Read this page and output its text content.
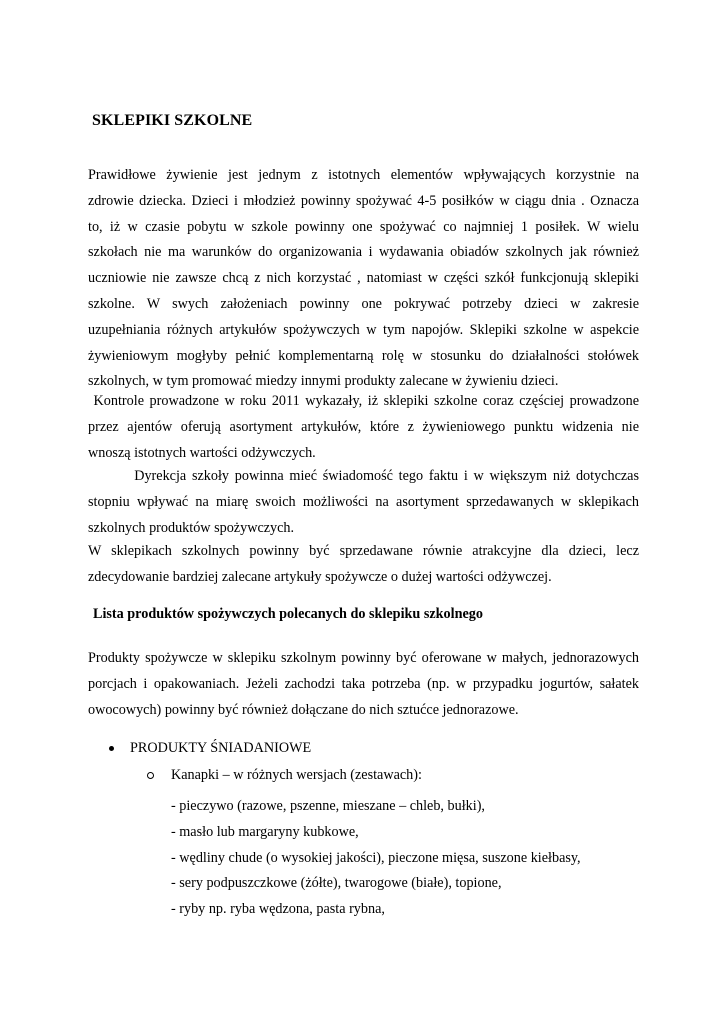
SKLEPIKI SZKOLNE
Prawidłowe żywienie jest jednym z istotnych elementów wpływających korzystnie na
zdrowie dziecka. Dzieci i młodzież powinny spożywać 4-5 posiłków w ciągu dnia . Oznacza
to, iż w czasie pobytu w szkole powinny one spożywać co najmniej 1 posiłek. W wielu
szkołach nie ma warunków do organizowania i wydawania obiadów szkolnych jak również
uczniowie nie zawsze chcą z nich korzystać , natomiast w części szkół funkcjonują sklepiki
szkolne. W swych założeniach powinny one pokrywać potrzeby dzieci w zakresie
uzupełniania różnych artykułów spożywczych w tym napojów. Sklepiki szkolne w aspekcie
żywieniowym mogłyby pełnić komplementarną rolę w stosunku do działalności stołówek
szkolnych, w tym promować miedzy innymi produkty zalecane w żywieniu dzieci.
Kontrole prowadzone w roku 2011 wykazały, iż sklepiki szkolne coraz częściej prowadzone
przez ajentów oferują asortyment artykułów, które z żywieniowego punktu widzenia nie
wnoszą istotnych wartości odżywczych.
Dyrekcja szkoły powinna mieć świadomość tego faktu i w większym niż dotychczas
stopniu wpływać na miarę swoich możliwości na asortyment sprzedawanych w sklepikach
szkolnych produktów spożywczych.
W sklepikach szkolnych powinny być sprzedawane równie atrakcyjne dla dzieci, lecz
zdecydowanie bardziej zalecane artykuły spożywcze o dużej wartości odżywczej.
Lista produktów spożywczych polecanych do sklepiku szkolnego
Produkty spożywcze w sklepiku szkolnym powinny być oferowane w małych, jednorazowych
porcjach i opakowaniach. Jeżeli zachodzi taka potrzeba (np. w przypadku jogurtów, sałatek
owocowych) powinny być również dołączane do nich sztućce jednorazowe.
PRODUKTY ŚNIADANIOWE
Kanapki – w różnych wersjach (zestawach):
- pieczywo (razowe, pszenne, mieszane – chleb, bułki),
- masło lub margaryny kubkowe,
- wędliny chude (o wysokiej jakości), pieczone mięsa, suszone kiełbasy,
- sery podpuszczkowe (żółte), twarogowe (białe), topione,
- ryby np. ryba wędzona, pasta rybna,
